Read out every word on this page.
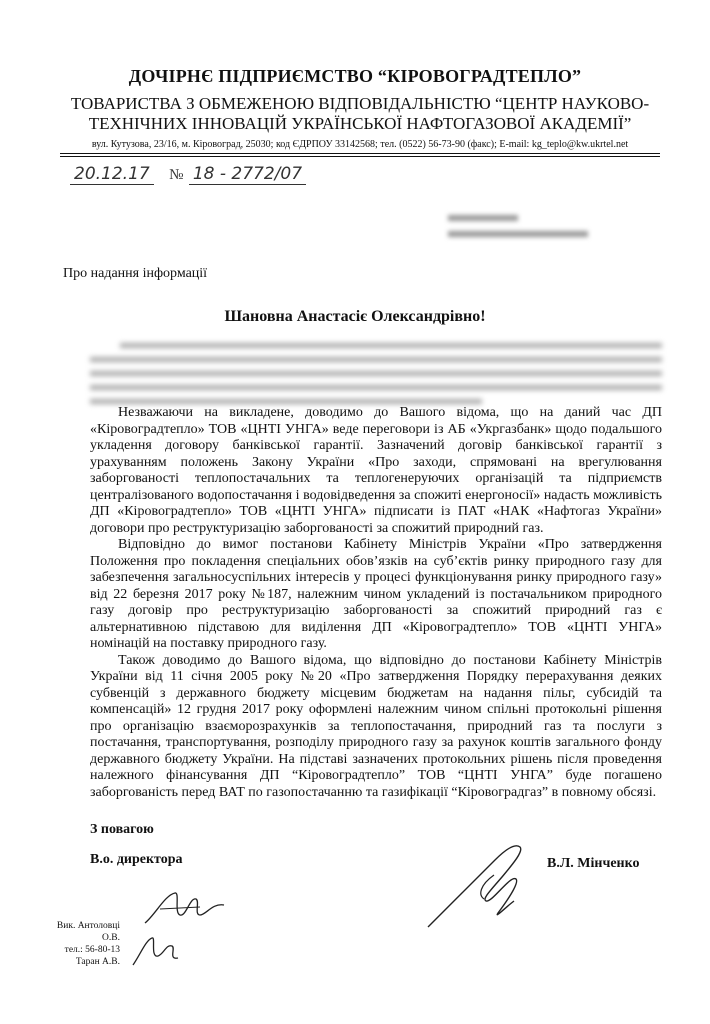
ДОЧІРНЄ ПІДПРИЄМСТВО “КІРОВОГРАДТЕПЛО”
ТОВАРИСТВА З ОБМЕЖЕНОЮ ВІДПОВІДАЛЬНІСТЮ “ЦЕНТР НАУКОВО-
ТЕХНІЧНИХ ІННОВАЦІЙ УКРАЇНСЬКОЇ НАФТОГАЗОВОЇ АКАДЕМІЇ”
вул. Кутузова, 23/16, м. Кіровоград, 25030; код ЄДРПОУ 33142568; тел. (0522) 56-73-90 (факс); E-mail: kg_teplo@kw.ukrtel.net
20.12.17 № 18 - 2772/07
Про надання інформації
Шановна Анастасіє Олександрівно!

Незважаючи на викладене, доводимо до Вашого відома, що на даний час ДП «Кіровоградтепло» ТОВ «ЦНТІ УНГА» веде переговори із АБ «Укргазбанк» щодо подальшого укладення договору банківської гарантії. Зазначений договір банківської гарантії з урахуванням положень Закону України «Про заходи, спрямовані на врегулювання заборгованості теплопостачальних та теплогенеруючих організацій та підприємств централізованого водопостачання і водовідведення за спожиті енергоносії» надасть можливість ДП «Кіровоградтепло» ТОВ «ЦНТІ УНГА» підписати із ПАТ «НАК «Нафтогаз України» договори про реструктуризацію заборгованості за спожитий природний газ.

Відповідно до вимог постанови Кабінету Міністрів України «Про затвердження Положення про покладення спеціальних обов’язків на суб’єктів ринку природного газу для забезпечення загальносуспільних інтересів у процесі функціонування ринку природного газу» від 22 березня 2017 року №187, належним чином укладений із постачальником природного газу договір про реструктуризацію заборгованості за спожитий природний газ є альтернативною підставою для виділення ДП «Кіровоградтепло» ТОВ «ЦНТІ УНГА» номінацій на поставку природного газу.

Також доводимо до Вашого відома, що відповідно до постанови Кабінету Міністрів України від 11 січня 2005 року №20 «Про затвердження Порядку перерахування деяких субвенцій з державного бюджету місцевим бюджетам на надання пільг, субсидій та компенсацій» 12 грудня 2017 року оформлені належним чином спільні протокольні рішення про організацію взаєморозрахунків за теплопостачання, природний газ та послуги з постачання, транспортування, розподілу природного газу за рахунок коштів загального фонду державного бюджету України. На підставі зазначених протокольних рішень після проведення належного фінансування ДП “Кіровоградтепло” ТОВ “ЦНТІ УНГА” буде погашено заборгованість перед ВАТ по газопостачанню та газифікації “Кіровоградгаз” в повному обсязі.

З повагою
В.о. директора	В.Л. Мінченко
Вик. Антоловці О.В.
тел.: 56-80-13
Таран А.В.
